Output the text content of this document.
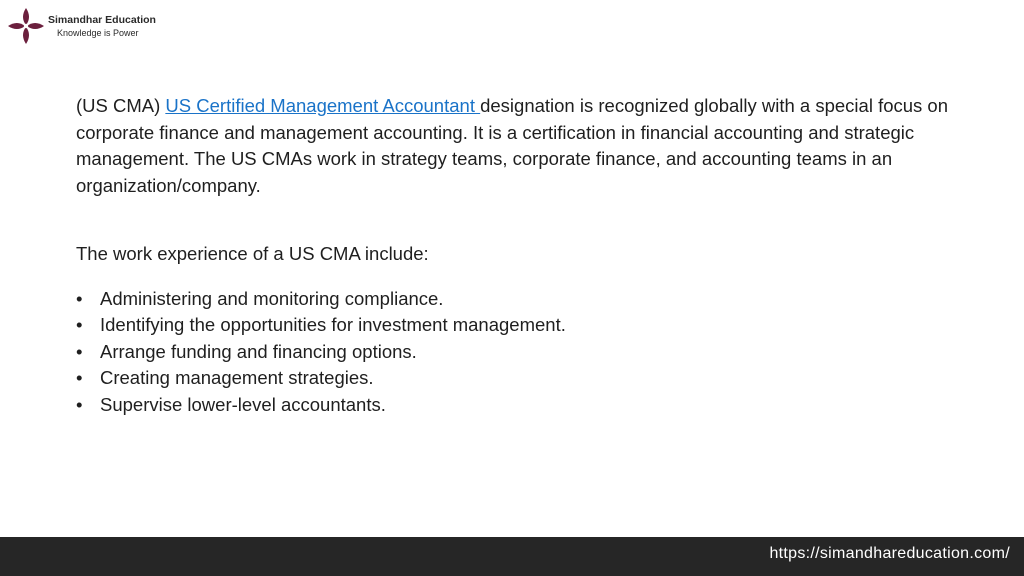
Simandhar Education
Knowledge is Power

(US CMA) US Certified Management Accountant designation is recognized globally with a special focus on corporate finance and management accounting. It is a certification in financial accounting and strategic management. The US CMAs work in strategy teams, corporate finance, and accounting teams in an organization/company.

The work experience of a US CMA include:

• Administering and monitoring compliance.
• Identifying the opportunities for investment management.
• Arrange funding and financing options.
• Creating management strategies.
• Supervise lower-level accountants.
https://simandhareducation.com/
